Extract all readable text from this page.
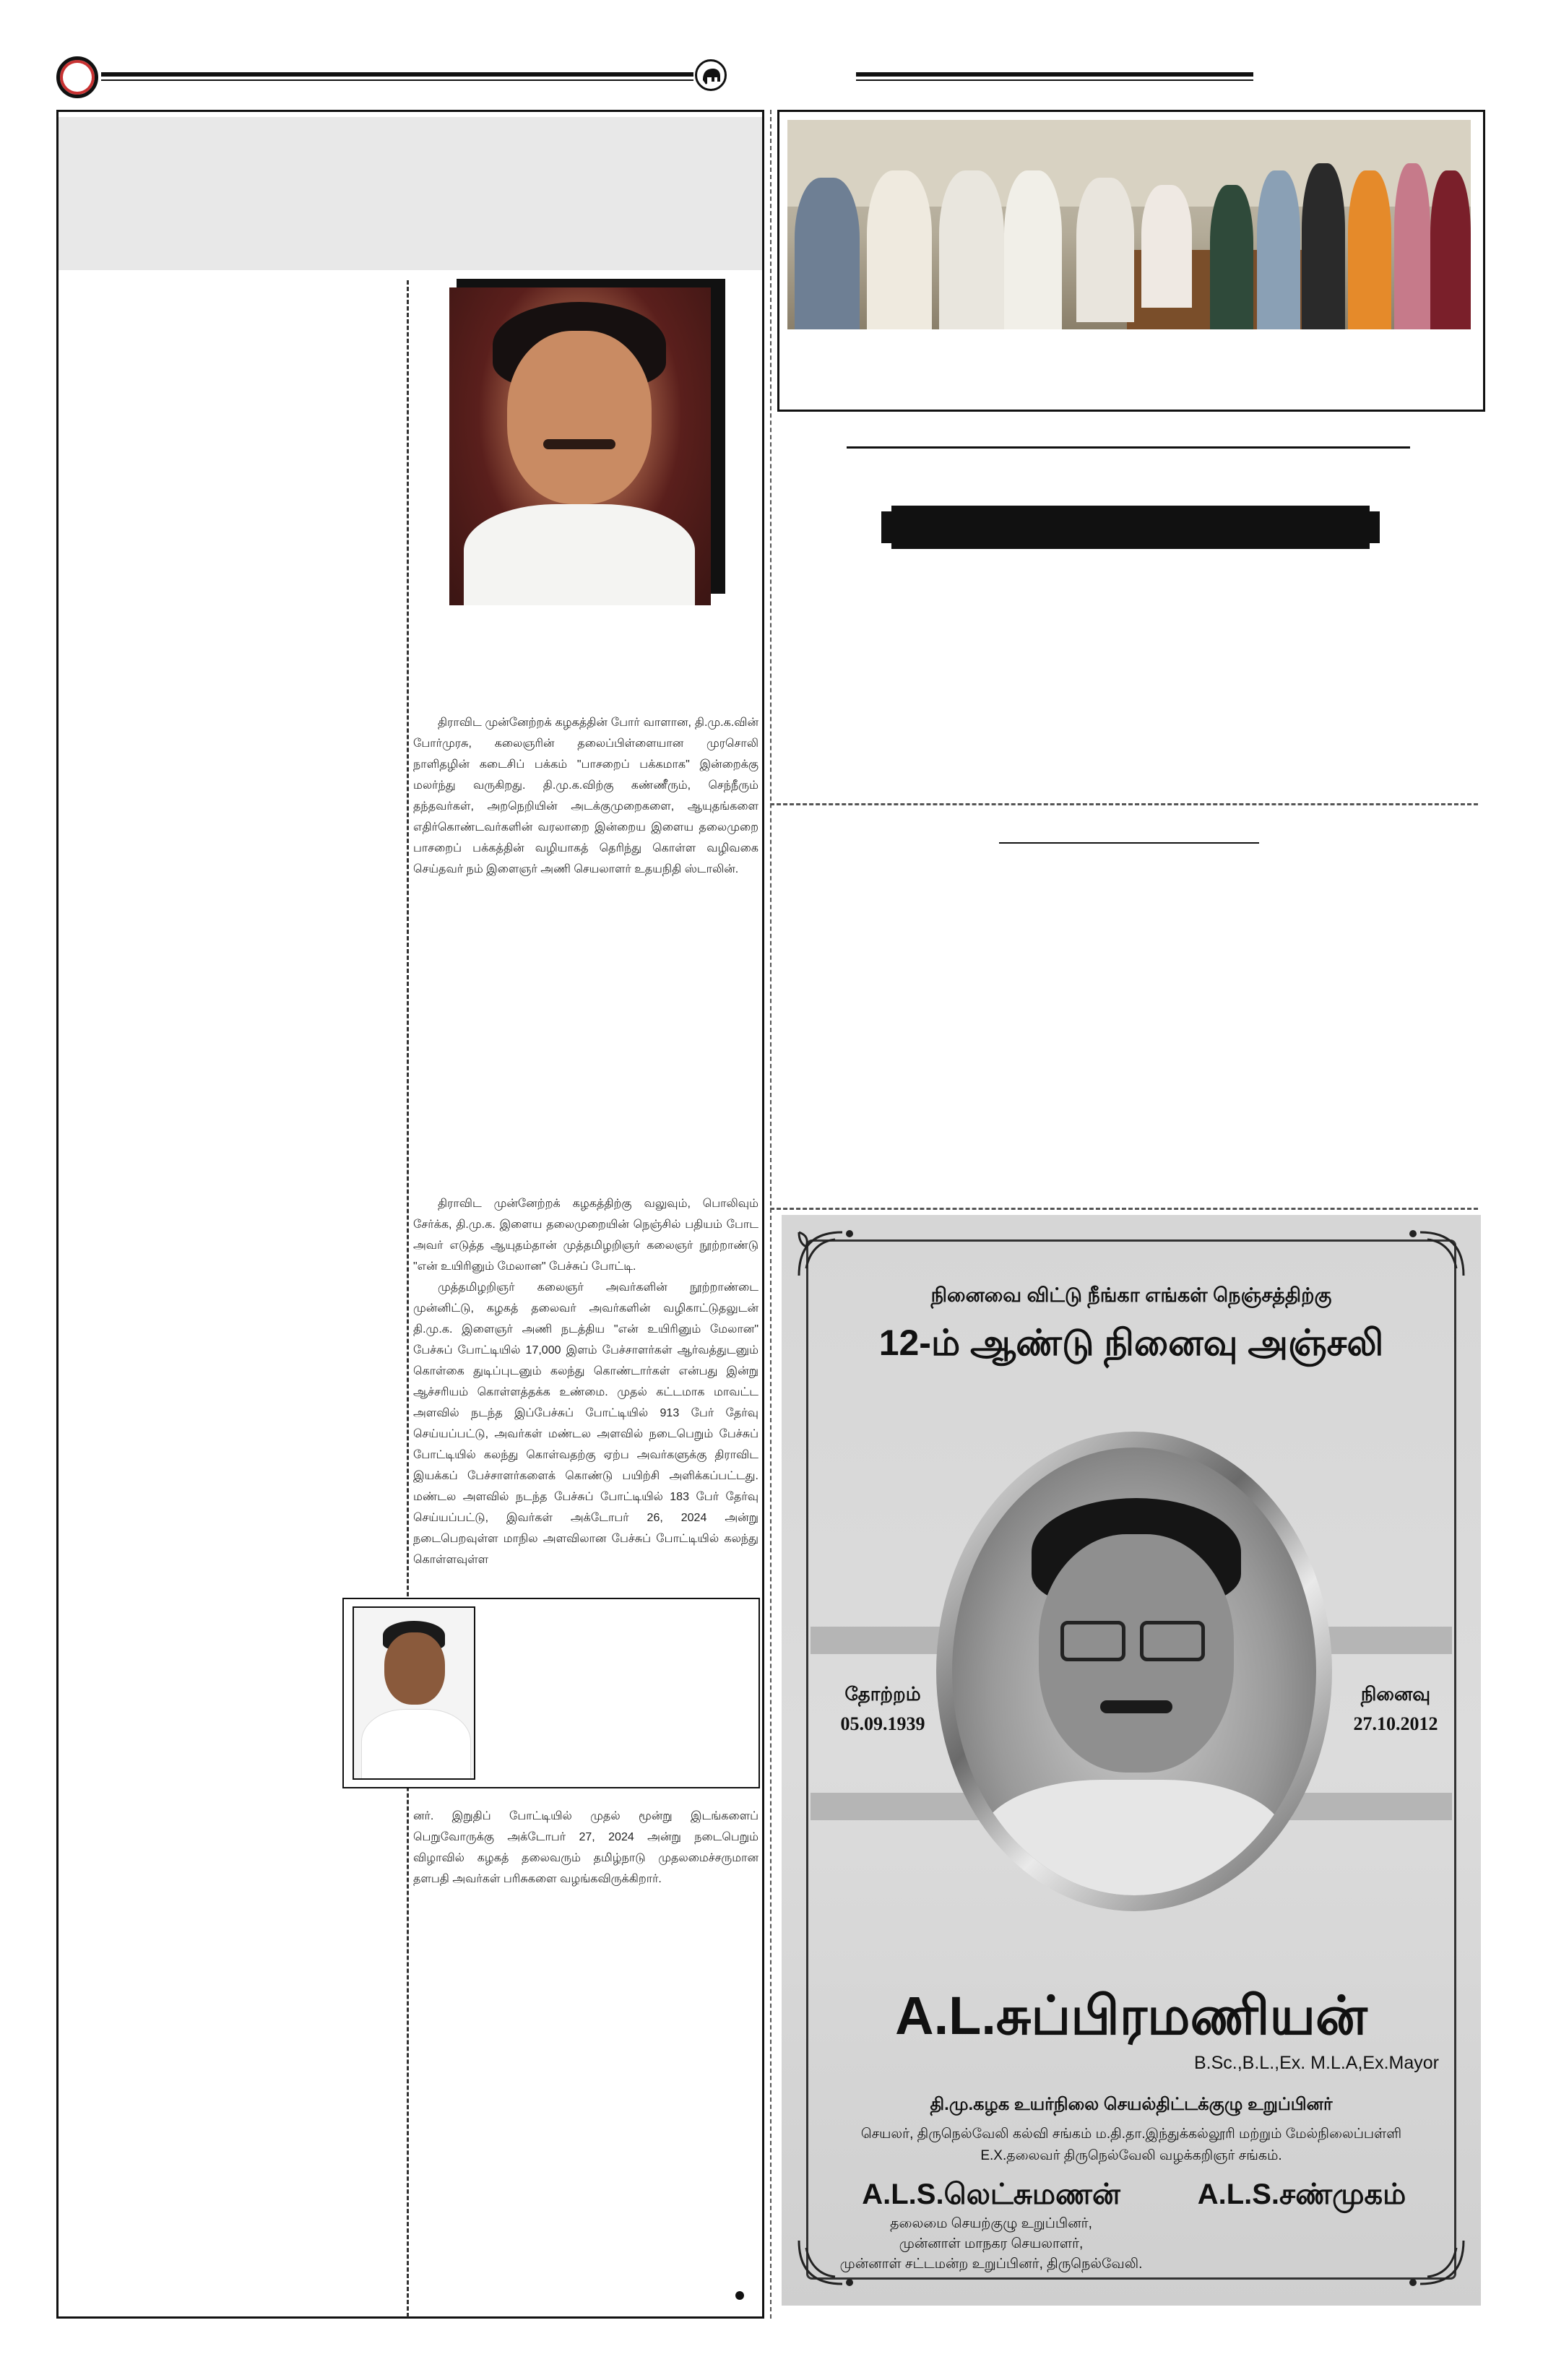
திராவிட முன்னேற்றக் கழகத்தின் போர் வாளான, தி.மு.க.வின் போர்முரசு, கலைஞரின் தலைப்பிள்ளையான முரசொலி நாளிதழின் கடைசிப் பக்கம் "பாசறைப் பக்கமாக" இன்றைக்கு மலர்ந்து வருகிறது. தி.மு.க.விற்கு கண்ணீரும், செந்நீரும் தந்தவர்கள், அறநெறியின் அடக்குமுறைகளை, ஆயுதங்களை எதிர்கொண்டவர்களின் வரலாறை இன்றைய இளைய தலைமுறை பாசறைப் பக்கத்தின் வழியாகத் தெரிந்து கொள்ள வழிவகை செய்தவர் நம் இளைஞர் அணி செயலாளர் உதயநிதி ஸ்டாலின்.

திராவிட முன்னேற்றக் கழகத்திற்கு வலுவும், பொலிவும் சேர்க்க, தி.மு.க. இளைய தலைமுறையின் நெஞ்சில் பதியம் போட அவர் எடுத்த ஆயுதம்தான் முத்தமிழறிஞர் கலைஞர் நூற்றாண்டு "என் உயிரினும் மேலான" பேச்சுப் போட்டி.

முத்தமிழறிஞர் கலைஞர் அவர்களின் நூற்றாண்டை முன்னிட்டு, கழகத் தலைவர் அவர்களின் வழிகாட்டுதலுடன் தி.மு.க. இளைஞர் அணி நடத்திய "என் உயிரினும் மேலான" பேச்சுப் போட்டியில் 17,000 இளம் பேச்சாளர்கள் ஆர்வத்துடனும் கொள்கை துடிப்புடனும் கலந்து கொண்டார்கள் என்பது இன்று ஆச்சரியம் கொள்ளத்தக்க உண்மை. முதல் கட்டமாக மாவட்ட அளவில் நடந்த இப்பேச்சுப் போட்டியில் 913 பேர் தேர்வு செய்யப்பட்டு, அவர்கள் மண்டல அளவில் நடைபெறும் பேச்சுப் போட்டியில் கலந்து கொள்வதற்கு ஏற்ப அவர்களுக்கு திராவிட இயக்கப் பேச்சாளர்களைக் கொண்டு பயிற்சி அளிக்கப்பட்டது. மண்டல அளவில் நடந்த பேச்சுப் போட்டியில் 183 பேர் தேர்வு செய்யப்பட்டு, இவர்கள் அக்டோபர் 26, 2024 அன்று நடைபெறவுள்ள மாநில அளவிலான பேச்சுப் போட்டியில் கலந்து கொள்ளவுள்ள

னர். இறுதிப் போட்டியில் முதல் மூன்று இடங்களைப் பெறுவோருக்கு அக்டோபர் 27, 2024 அன்று நடைபெறும் விழாவில் கழகத் தலைவரும் தமிழ்நாடு முதலமைச்சருமான தளபதி அவர்கள் பரிசுகளை வழங்கவிருக்கிறார்.
நினைவை விட்டு நீங்கா எங்கள் நெஞ்சத்திற்கு
12-ம் ஆண்டு நினைவு அஞ்சலி
தோற்றம்
05.09.1939
நினைவு
27.10.2012
A.L.சுப்பிரமணியன்
B.Sc.,B.L.,Ex. M.L.A,Ex.Mayor
தி.மு.கழக உயர்நிலை செயல்திட்டக்குழு உறுப்பினர்
செயலர், திருநெல்வேலி கல்வி சங்கம் ம.தி.தா.இந்துக்கல்லூரி மற்றும் மேல்நிலைப்பள்ளி
E.X.தலைவர் திருநெல்வேலி வழக்கறிஞர் சங்கம்.
A.L.S.லெட்சுமணன்	A.L.S.சண்முகம்
தலைமை செயற்குழு உறுப்பினர்,
முன்னாள் மாநகர செயலாளர்,
முன்னாள் சட்டமன்ற உறுப்பினர், திருநெல்வேலி.
